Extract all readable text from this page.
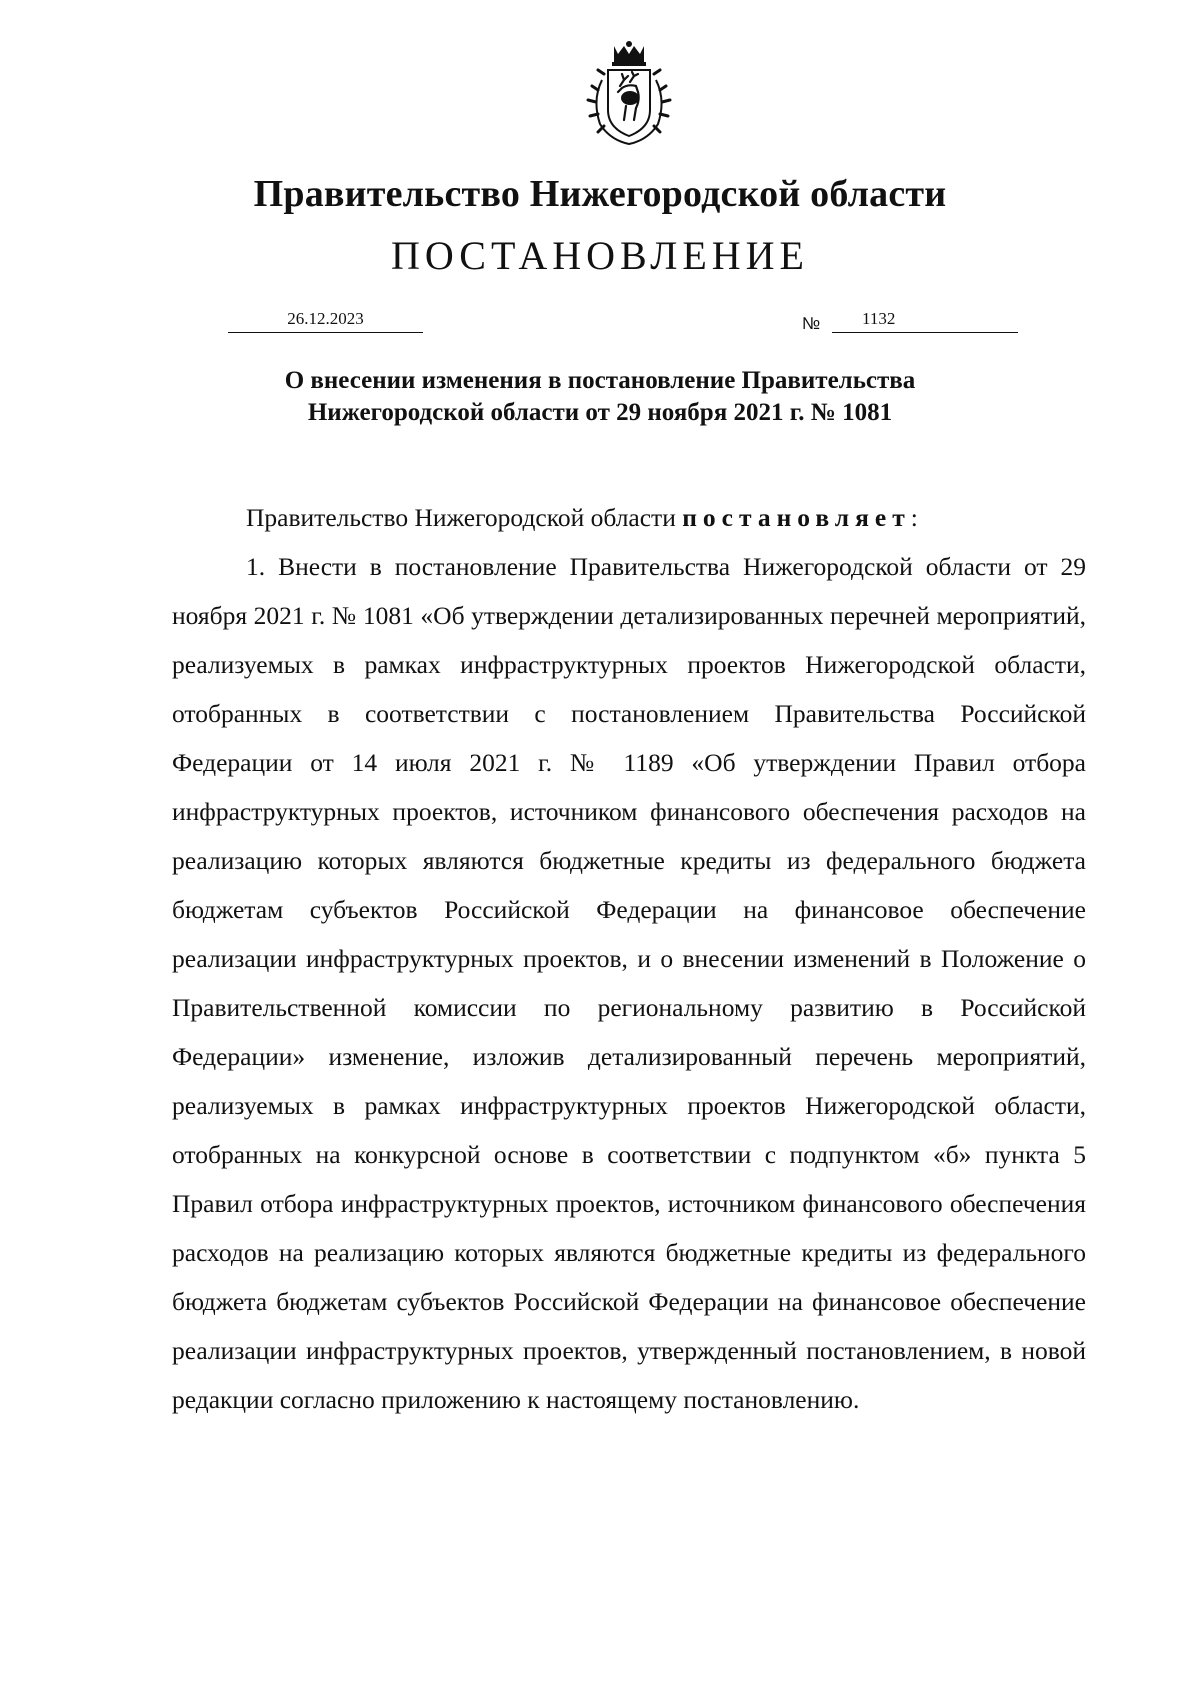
Правительство Нижегородской области
ПОСТАНОВЛЕНИЕ
26.12.2023	№	1132
О внесении изменения в постановление Правительства
Нижегородской области от 29 ноября 2021 г. № 1081

Правительство Нижегородской области постановляет:

1. Внести в постановление Правительства Нижегородской области от 29 ноября 2021 г. № 1081 «Об утверждении детализированных перечней мероприятий, реализуемых в рамках инфраструктурных проектов Нижегородской области, отобранных в соответствии с постановлением Правительства Российской Федерации от 14 июля 2021 г. № 1189 «Об утверждении Правил отбора инфраструктурных проектов, источником финансового обеспечения расходов на реализацию которых являются бюджетные кредиты из федерального бюджета бюджетам субъектов Российской Федерации на финансовое обеспечение реализации инфраструктурных проектов, и о внесении изменений в Положение о Правительственной комиссии по региональному развитию в Российской Федерации» изменение, изложив детализированный перечень мероприятий, реализуемых в рамках инфраструктурных проектов Нижегородской области, отобранных на конкурсной основе в соответствии с подпунктом «б» пункта 5 Правил отбора инфраструктурных проектов, источником финансового обеспечения расходов на реализацию которых являются бюджетные кредиты из федерального бюджета бюджетам субъектов Российской Федерации на финансовое обеспечение реализации инфраструктурных проектов, утвержденный постановлением, в новой редакции согласно приложению к настоящему постановлению.
